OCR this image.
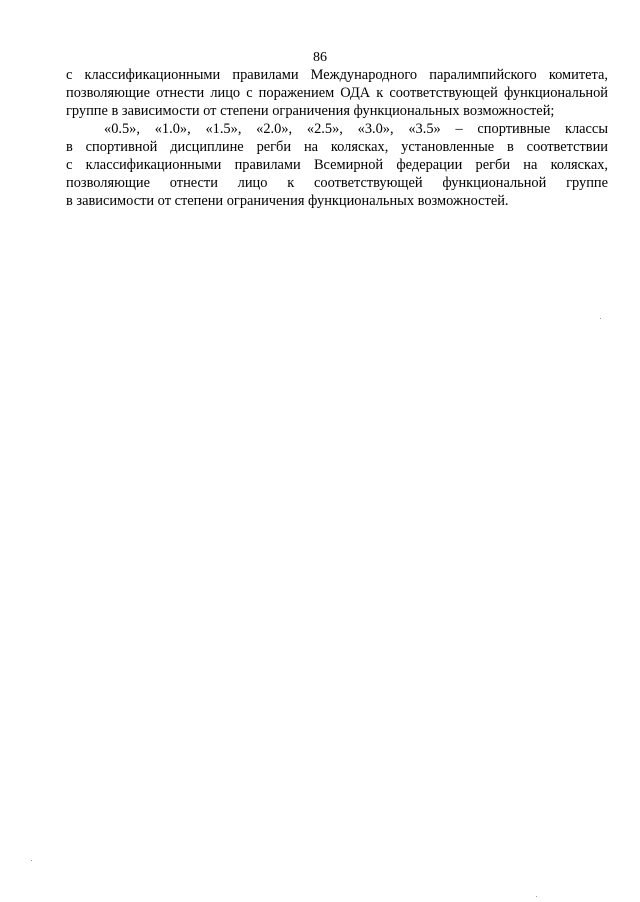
86

с классификационными правилами Международного паралимпийского комитета,
позволяющие отнести лицо с поражением ОДА к соответствующей функциональной
группе в зависимости от степени ограничения функциональных возможностей;

«0.5», «1.0», «1.5», «2.0», «2.5», «3.0», «3.5» – спортивные классы
в спортивной дисциплине регби на колясках, установленные в соответствии
с классификационными правилами Всемирной федерации регби на колясках,
позволяющие отнести лицо к соответствующей функциональной группе
в зависимости от степени ограничения функциональных возможностей.
